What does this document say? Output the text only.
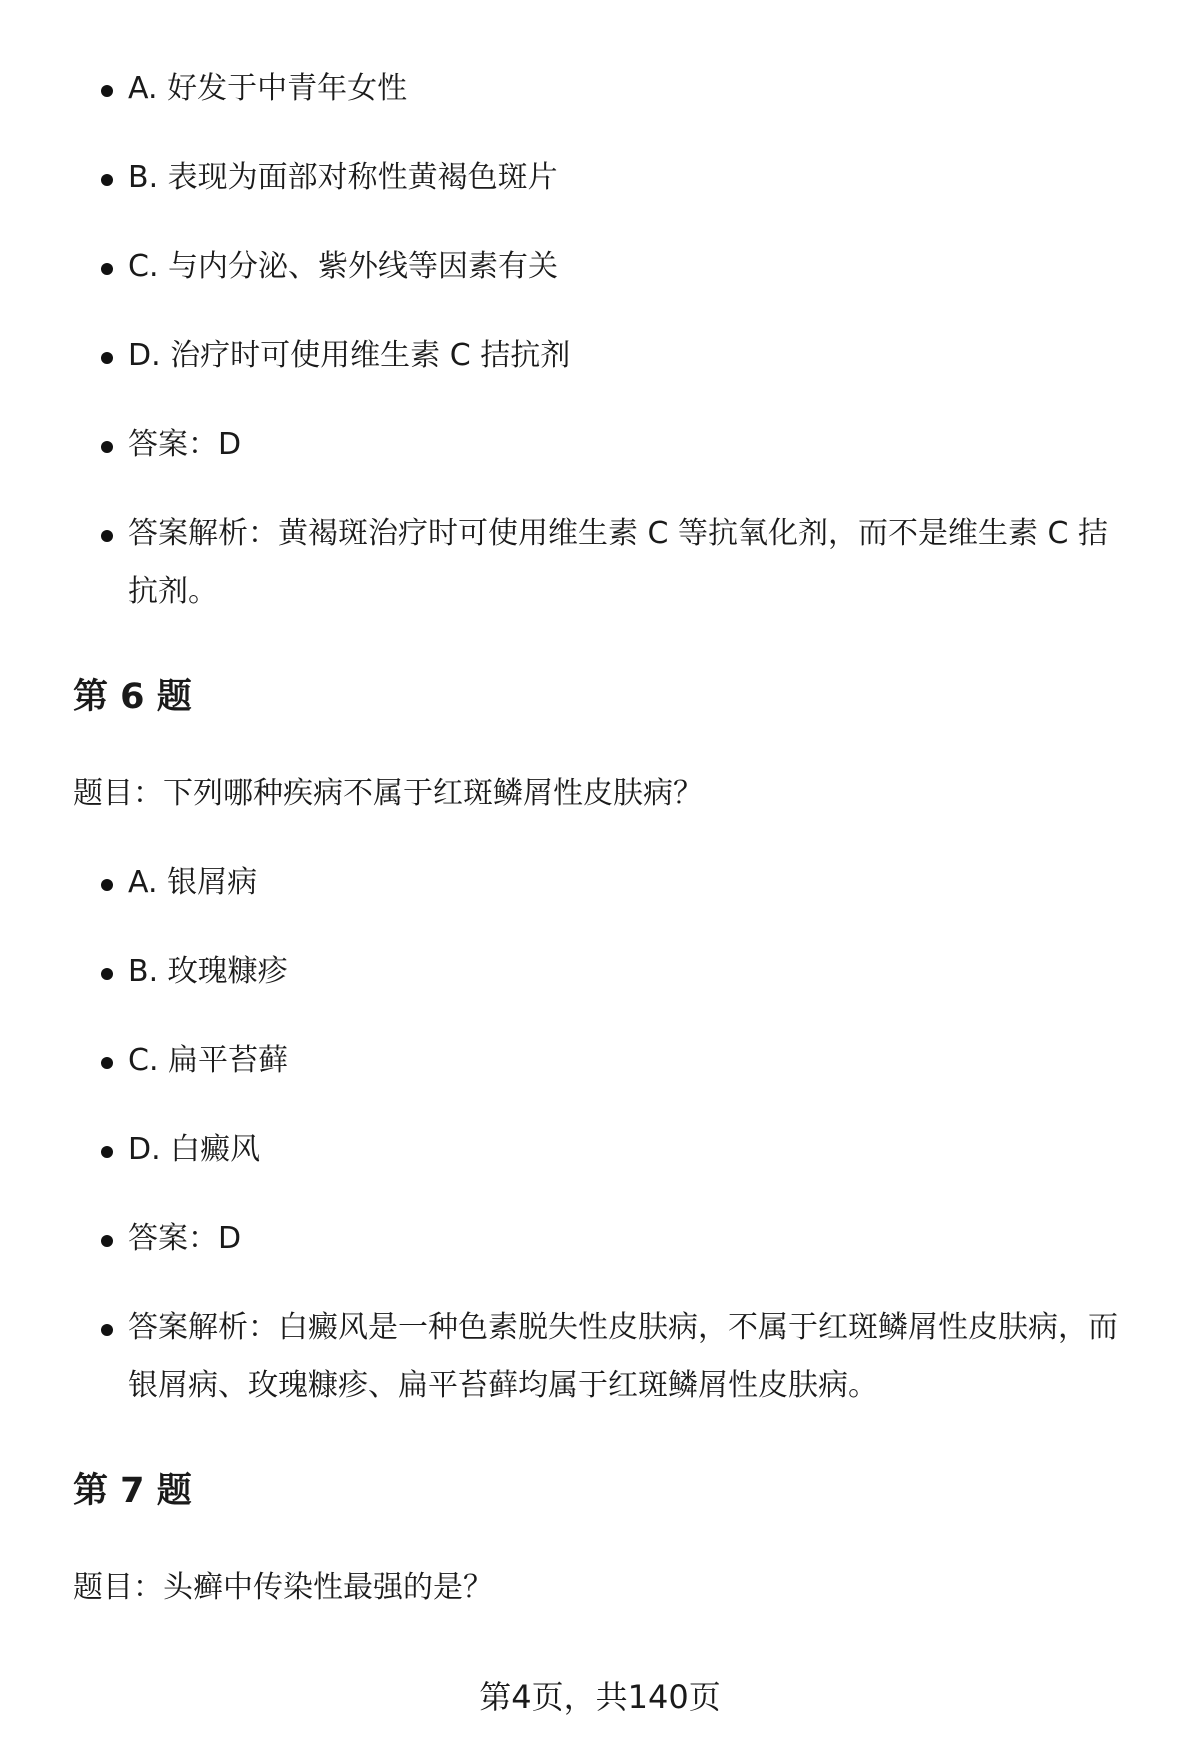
A. 好发于中青年女性
B. 表现为面部对称性黄褐色斑片
C. 与内分泌、紫外线等因素有关
D. 治疗时可使用维生素 C 拮抗剂
答案：D
答案解析：黄褐斑治疗时可使用维生素 C 等抗氧化剂，而不是维生素 C 拮抗剂。
第 6 题
题目：下列哪种疾病不属于红斑鳞屑性皮肤病？
A. 银屑病
B. 玫瑰糠疹
C. 扁平苔藓
D. 白癜风
答案：D
答案解析：白癜风是一种色素脱失性皮肤病，不属于红斑鳞屑性皮肤病，而银屑病、玫瑰糠疹、扁平苔藓均属于红斑鳞屑性皮肤病。
第 7 题
题目：头癣中传染性最强的是？
第4页，共140页
